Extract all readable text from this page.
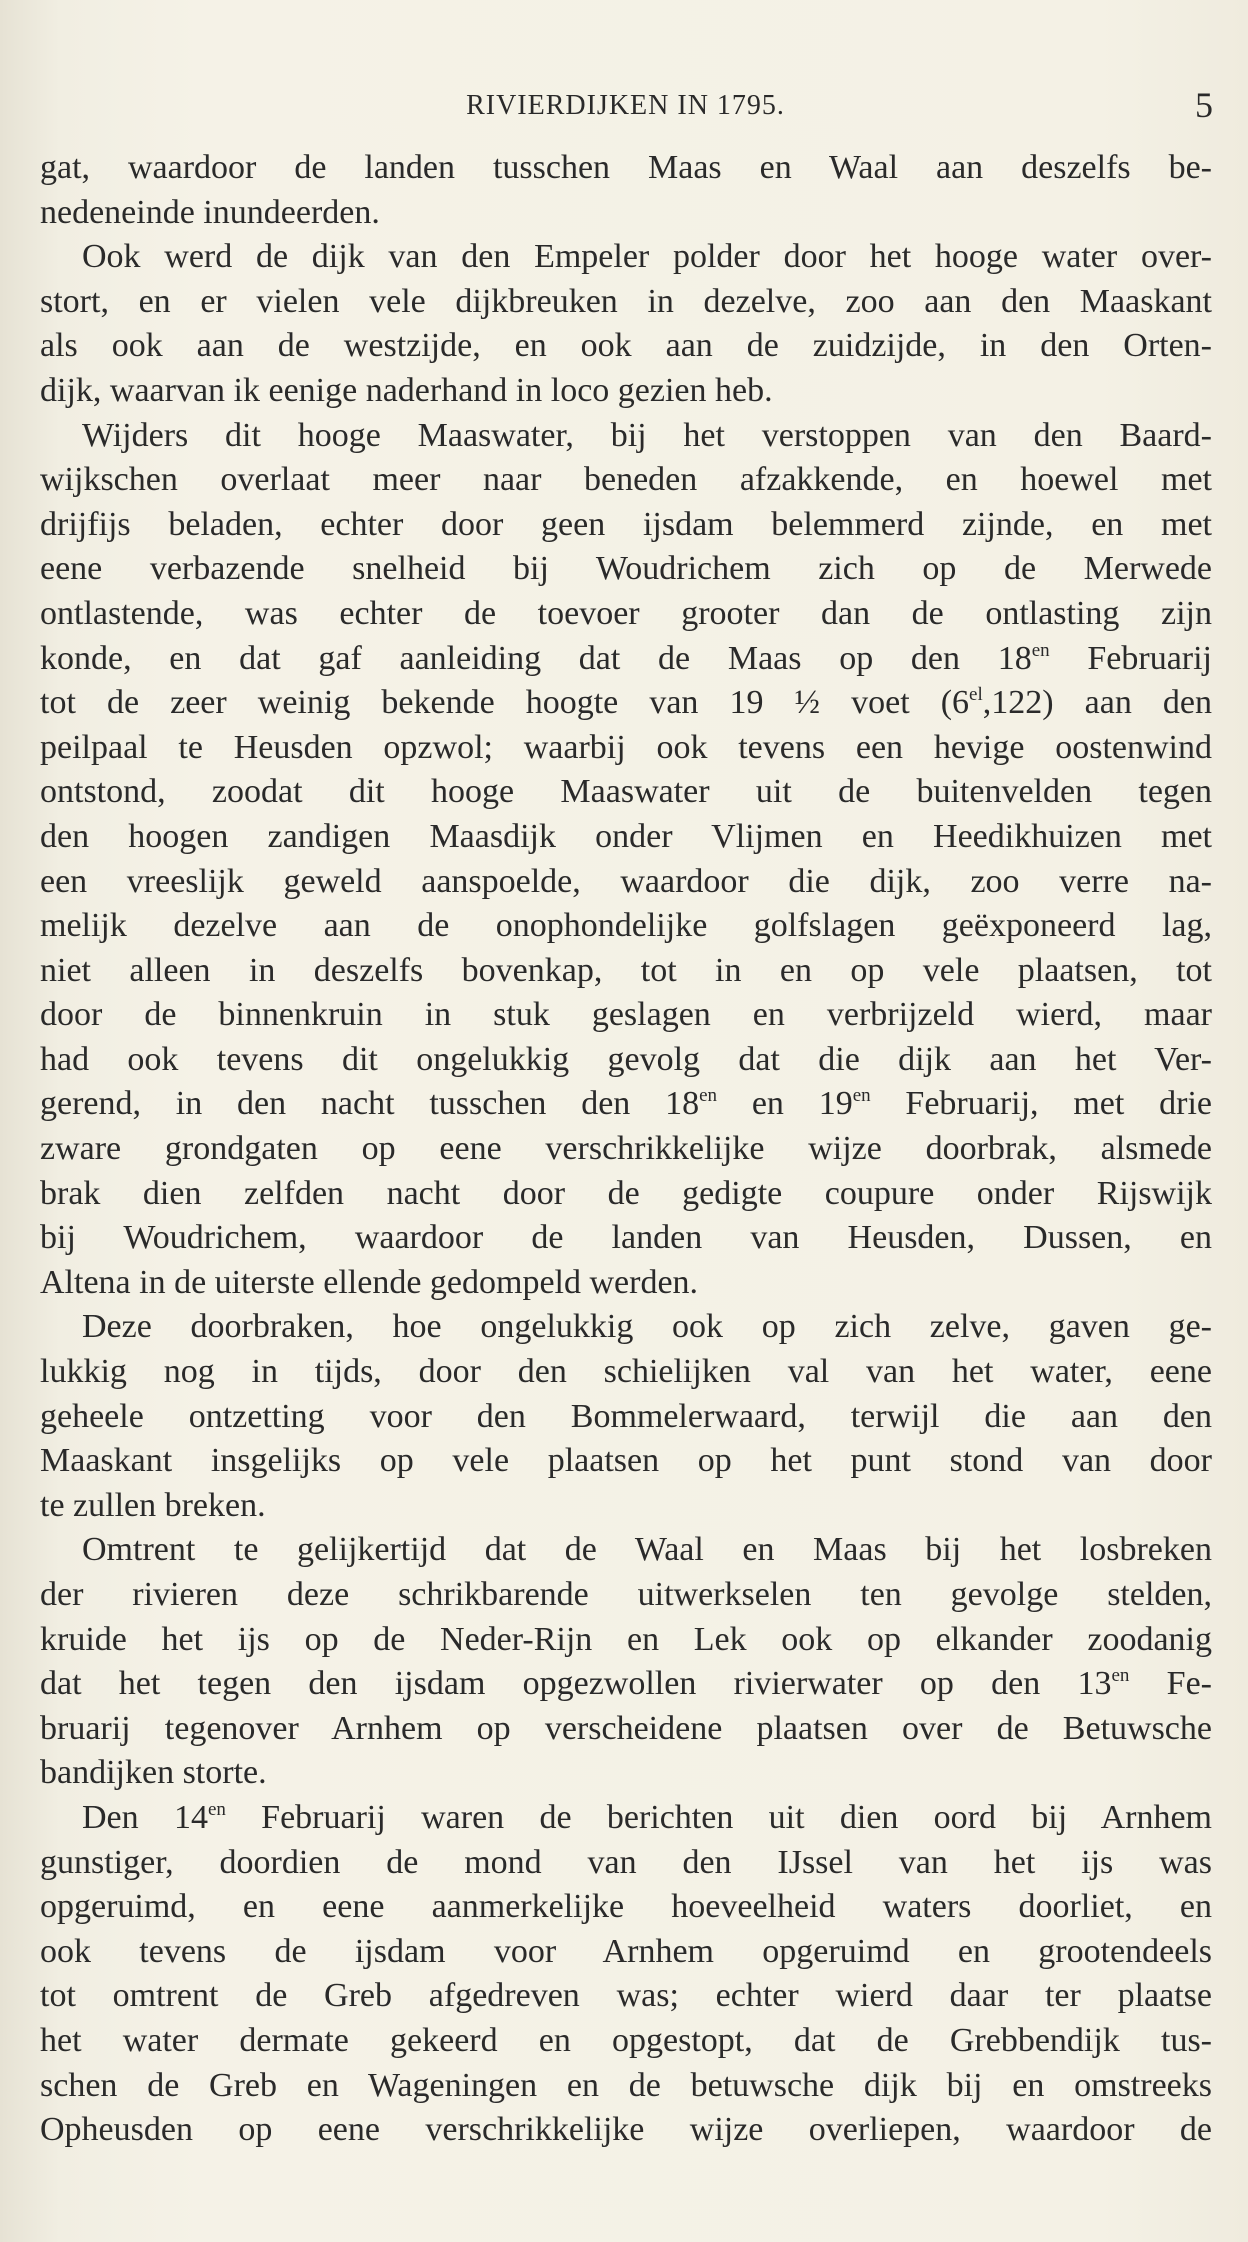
RIVIERDIJKEN IN 1795.	5
gat, waardoor de landen tusschen Maas en Waal aan deszelfs be-
nedeneinde inundeerden.
Ook werd de dijk van den Empeler polder door het hooge water over-
stort, en er vielen vele dijkbreuken in dezelve, zoo aan den Maaskant
als ook aan de westzijde, en ook aan de zuidzijde, in den Orten-
dijk, waarvan ik eenige naderhand in loco gezien heb.
Wijders dit hooge Maaswater, bij het verstoppen van den Baard-
wijkschen overlaat meer naar beneden afzakkende, en hoewel met
drijfijs beladen, echter door geen ijsdam belemmerd zijnde, en met
eene verbazende snelheid bij Woudrichem zich op de Merwede
ontlastende, was echter de toevoer grooter dan de ontlasting zijn
konde, en dat gaf aanleiding dat de Maas op den $18^{en}$ Februarij
tot de zeer weinig bekende hoogte van 19 ½ voet $(6^{el},122)$ aan den
peilpaal te Heusden opzwol; waarbij ook tevens een hevige oostenwind
ontstond, zoodat dit hooge Maaswater uit de buitenvelden tegen
den hoogen zandigen Maasdijk onder Vlijmen en Heedikhuizen met
een vreeslijk geweld aanspoelde, waardoor die dijk, zoo verre na-
melijk dezelve aan de onophondelijke golfslagen geëxponeerd lag,
niet alleen in deszelfs bovenkap, tot in en op vele plaatsen, tot
door de binnenkruin in stuk geslagen en verbrijzeld wierd, maar
had ook tevens dit ongelukkig gevolg dat die dijk aan het Ver-
gerend, in den nacht tusschen den $18^{en}$ en $19^{en}$ Februarij, met drie
zware grondgaten op eene verschrikkelijke wijze doorbrak, alsmede
brak dien zelfden nacht door de gedigte coupure onder Rijswijk
bij Woudrichem, waardoor de landen van Heusden, Dussen, en
Altena in de uiterste ellende gedompeld werden.
Deze doorbraken, hoe ongelukkig ook op zich zelve, gaven ge-
lukkig nog in tijds, door den schielijken val van het water, eene
geheele ontzetting voor den Bommelerwaard, terwijl die aan den
Maaskant insgelijks op vele plaatsen op het punt stond van door
te zullen breken.
Omtrent te gelijkertijd dat de Waal en Maas bij het losbreken
der rivieren deze schrikbarende uitwerkselen ten gevolge stelden,
kruide het ijs op de Neder-Rijn en Lek ook op elkander zoodanig
dat het tegen den ijsdam opgezwollen rivierwater op den $13^{en}$ Fe-
bruarij tegenover Arnhem op verscheidene plaatsen over de Betuwsche
bandijken storte.
Den $14^{en}$ Februarij waren de berichten uit dien oord bij Arnhem
gunstiger, doordien de mond van den IJssel van het ijs was
opgeruimd, en eene aanmerkelijke hoeveelheid waters doorliet, en
ook tevens de ijsdam voor Arnhem opgeruimd en grootendeels
tot omtrent de Greb afgedreven was; echter wierd daar ter plaatse
het water dermate gekeerd en opgestopt, dat de Grebbendijk tus-
schen de Greb en Wageningen en de betuwsche dijk bij en omstreeks
Opheusden op eene verschrikkelijke wijze overliepen, waardoor de
